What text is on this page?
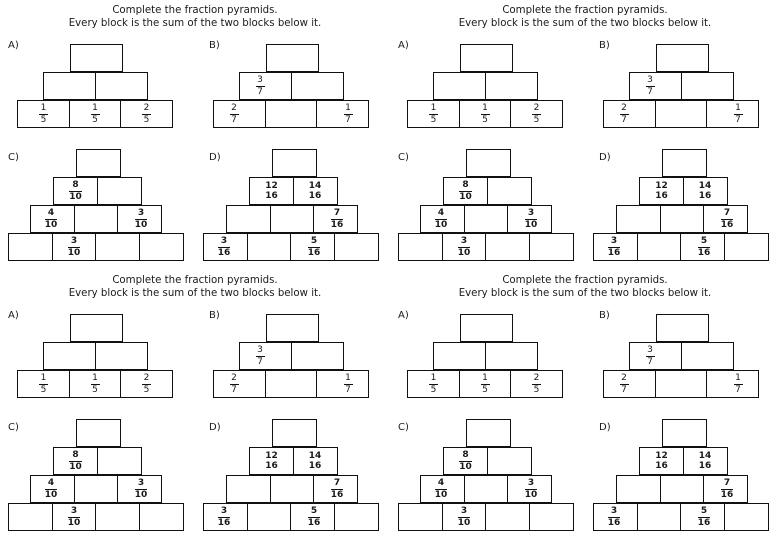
Complete the fraction pyramids.
Every block is the sum of the two blocks below it.
A)
$\frac{1}{5}$	$\frac{1}{5}$	$\frac{2}{5}$
B)
$\frac{3}{7}$
$\frac{2}{7}$	$\frac{1}{7}$
C)
$\frac{8}{10}$
$\frac{4}{10}$	$\frac{3}{10}$
$\frac{3}{10}$
D)
12
16
14
16
$\frac{7}{16}$
$\frac{3}{16}$	$\frac{5}{16}$
Complete the fraction pyramids.
Every block is the sum of the two blocks below it.
A)
$\frac{1}{5}$	$\frac{1}{5}$	$\frac{2}{5}$
B)
$\frac{3}{7}$
$\frac{2}{7}$	$\frac{1}{7}$
C)
$\frac{8}{10}$
$\frac{4}{10}$	$\frac{3}{10}$
$\frac{3}{10}$
D)
12
16
14
16
$\frac{7}{16}$
$\frac{3}{16}$	$\frac{5}{16}$
Complete the fraction pyramids.
Every block is the sum of the two blocks below it.
A)
$\frac{1}{5}$	$\frac{1}{5}$	$\frac{2}{5}$
B)
$\frac{3}{7}$
$\frac{2}{7}$	$\frac{1}{7}$
C)
$\frac{8}{10}$
$\frac{4}{10}$	$\frac{3}{10}$
$\frac{3}{10}$
D)
12
16
14
16
$\frac{7}{16}$
$\frac{3}{16}$	$\frac{5}{16}$
Complete the fraction pyramids.
Every block is the sum of the two blocks below it.
A)
$\frac{1}{5}$	$\frac{1}{5}$	$\frac{2}{5}$
B)
$\frac{3}{7}$
$\frac{2}{7}$	$\frac{1}{7}$
C)
$\frac{8}{10}$
$\frac{4}{10}$	$\frac{3}{10}$
$\frac{3}{10}$
D)
12
16
14
16
$\frac{7}{16}$
$\frac{3}{16}$	$\frac{5}{16}$
